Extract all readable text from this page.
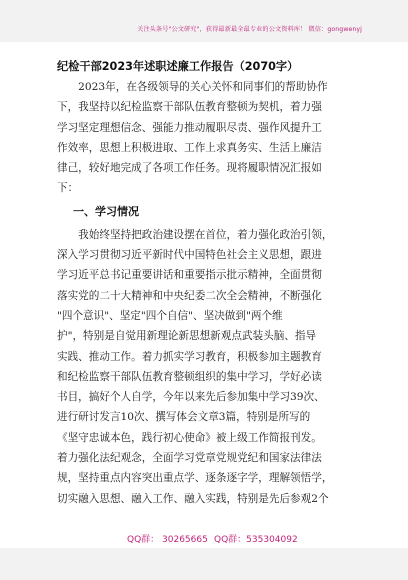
关注头条号"公文研究"，获得最新最全最专业的公文资料库！ 微信：gongwenyj
纪检干部2023年述职述廉工作报告（2070字）
　　2023年，在各级领导的关心关怀和同事们的帮助协作
下，我坚持以纪检监察干部队伍教育整顿为契机，着力强
学习坚定理想信念、强能力推动履职尽责、强作风提升工
作效率，思想上积极进取、工作上求真务实、生活上廉洁
律己，较好地完成了各项工作任务。现将履职情况汇报如
下：
一、学习情况
　　我始终坚持把政治建设摆在首位，着力强化政治引领，
深入学习贯彻习近平新时代中国特色社会主义思想，跟进
学习近平总书记重要讲话和重要指示批示精神，全面贯彻
落实党的二十大精神和中央纪委二次全会精神，不断强化
"四个意识"、坚定"四个自信"、坚决做到"两个维
护"，特别是自觉用新理论新思想新观点武装头脑、指导
实践、推动工作。着力抓实学习教育，积极参加主题教育
和纪检监察干部队伍教育整顿组织的集中学习，学好必读
书目，搞好个人自学，今年以来先后参加集中学习39次、
进行研讨发言10次、撰写体会文章3篇，特别是所写的
《坚守忠诚本色，践行初心使命》被上级工作简报刊发。
着力强化法纪观念，全面学习党章党规党纪和国家法律法
规，坚持重点内容突出重点学、逐条逐字学，理解领悟学，
切实融入思想、融入工作、融入实践，特别是先后参观2个
QQ群： 30265665 QQ群：535304092
